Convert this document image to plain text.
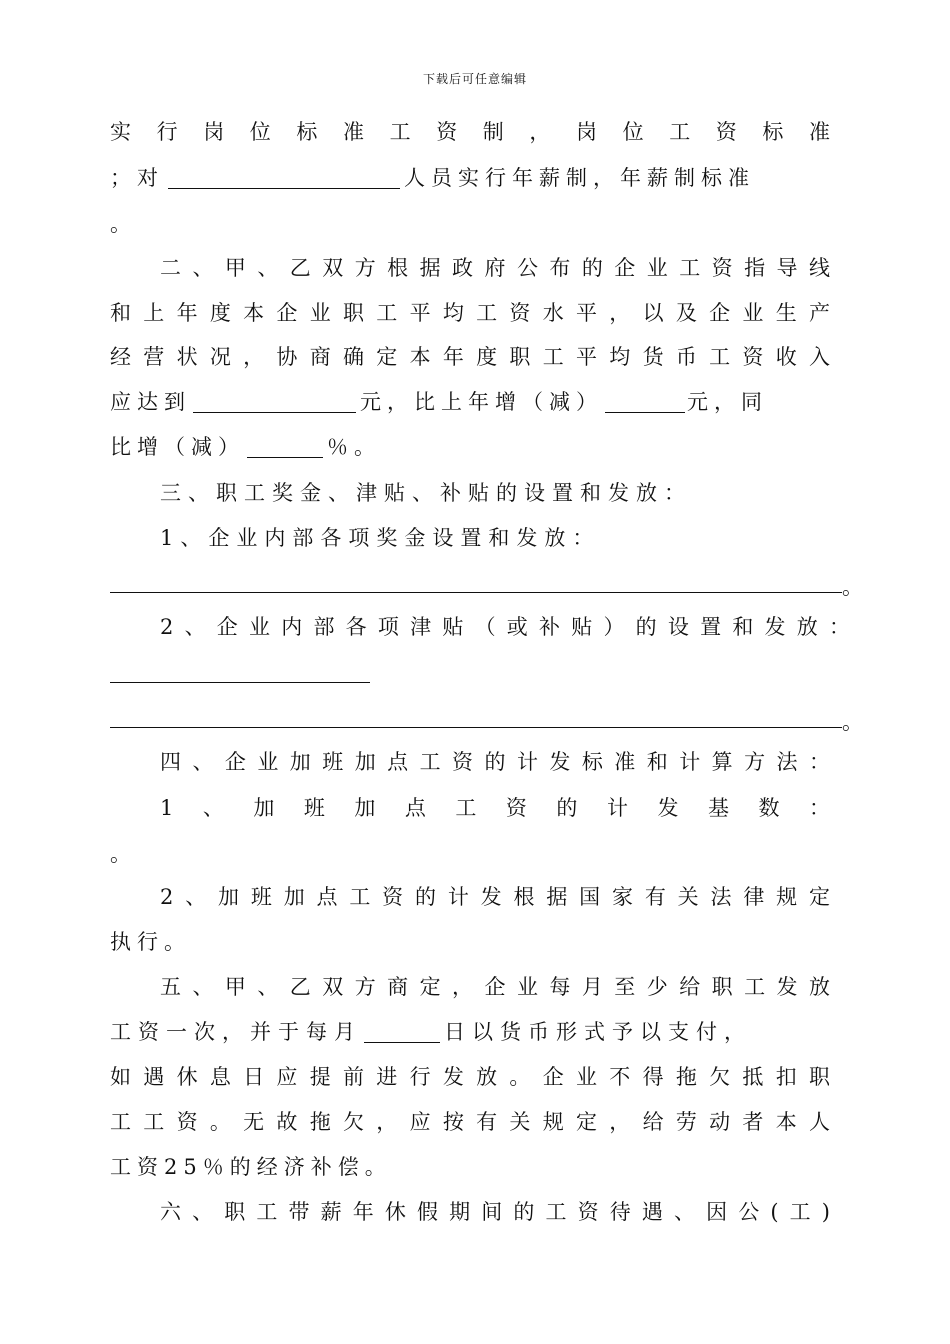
下载后可任意编辑
实行岗位标准工资制，岗位工资标准
；对	人员实行年薪制，年薪制标准
。
二、甲、乙双方根据政府公布的企业工资指导线
和上年度本企业职工平均工资水平，以及企业生产
经营状况，协商确定本年度职工平均货币工资收入
应达到	元，比上年增（减）	元，同
比增（减）	％。
三、职工奖金、津贴、补贴的设置和发放：
1、企业内部各项奖金设置和发放：
。
2、企业内部各项津贴（或补贴）的设置和发放：
。
四、企业加班加点工资的计发标准和计算方法：
1、加班加点工资的计发基数：
。
2、加班加点工资的计发根据国家有关法律规定
执行。
五、甲、乙双方商定，企业每月至少给职工发放
工资一次，并于每月	日以货币形式予以支付，
如遇休息日应提前进行发放。企业不得拖欠抵扣职
工工资。无故拖欠，应按有关规定，给劳动者本人
工资25％的经济补偿。
六、职工带薪年休假期间的工资待遇、因公(工)
